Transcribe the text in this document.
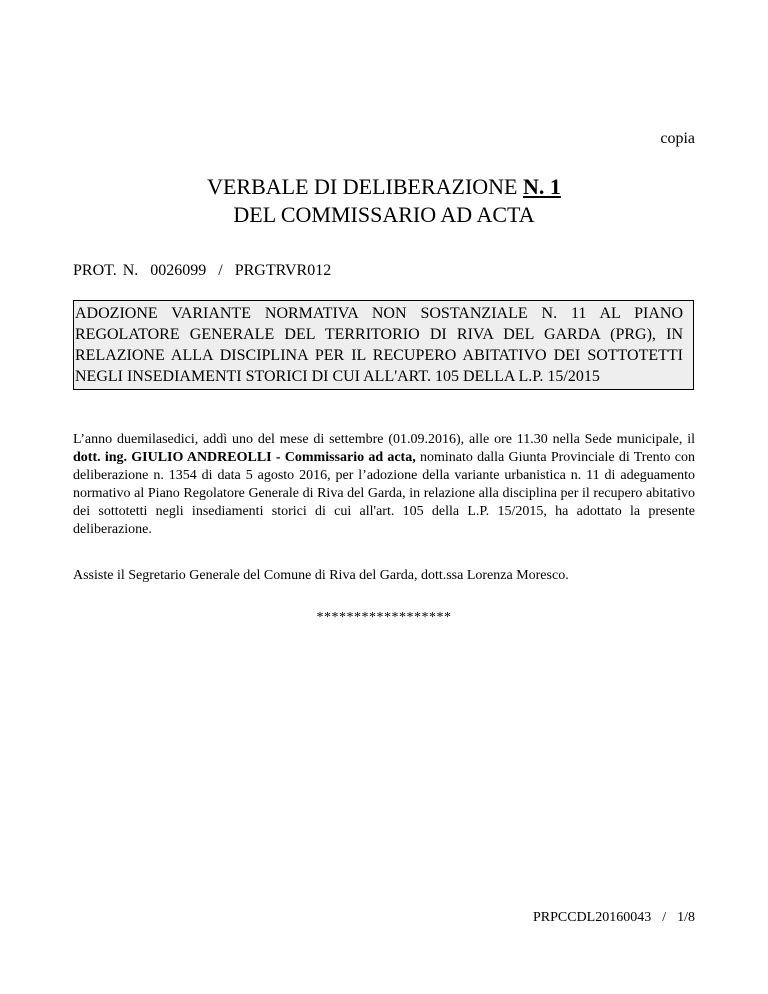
copia
VERBALE DI DELIBERAZIONE N. 1
DEL COMMISSARIO AD ACTA
PROT. N.  0026099  /  PRGTRVR012
ADOZIONE VARIANTE NORMATIVA NON SOSTANZIALE N. 11 AL PIANO REGOLATORE GENERALE DEL TERRITORIO DI RIVA DEL GARDA (PRG), IN RELAZIONE ALLA DISCIPLINA PER IL RECUPERO ABITATIVO DEI SOTTOTETTI NEGLI INSEDIAMENTI STORICI DI CUI ALL'ART. 105 DELLA L.P. 15/2015
L’anno duemilasedici, addì uno del mese di settembre (01.09.2016), alle ore 11.30 nella Sede municipale, il dott. ing. GIULIO ANDREOLLI - Commissario ad acta, nominato dalla Giunta Provinciale di Trento con deliberazione n. 1354 di data 5 agosto 2016, per l’adozione della variante urbanistica n. 11 di adeguamento normativo al Piano Regolatore Generale di Riva del Garda, in relazione alla disciplina per il recupero abitativo dei sottotetti negli insediamenti storici di cui all'art. 105 della L.P. 15/2015, ha adottato la presente deliberazione.
Assiste il Segretario Generale del Comune di Riva del Garda, dott.ssa Lorenza Moresco.
******************
PRPCCDL20160043  /  1/8
